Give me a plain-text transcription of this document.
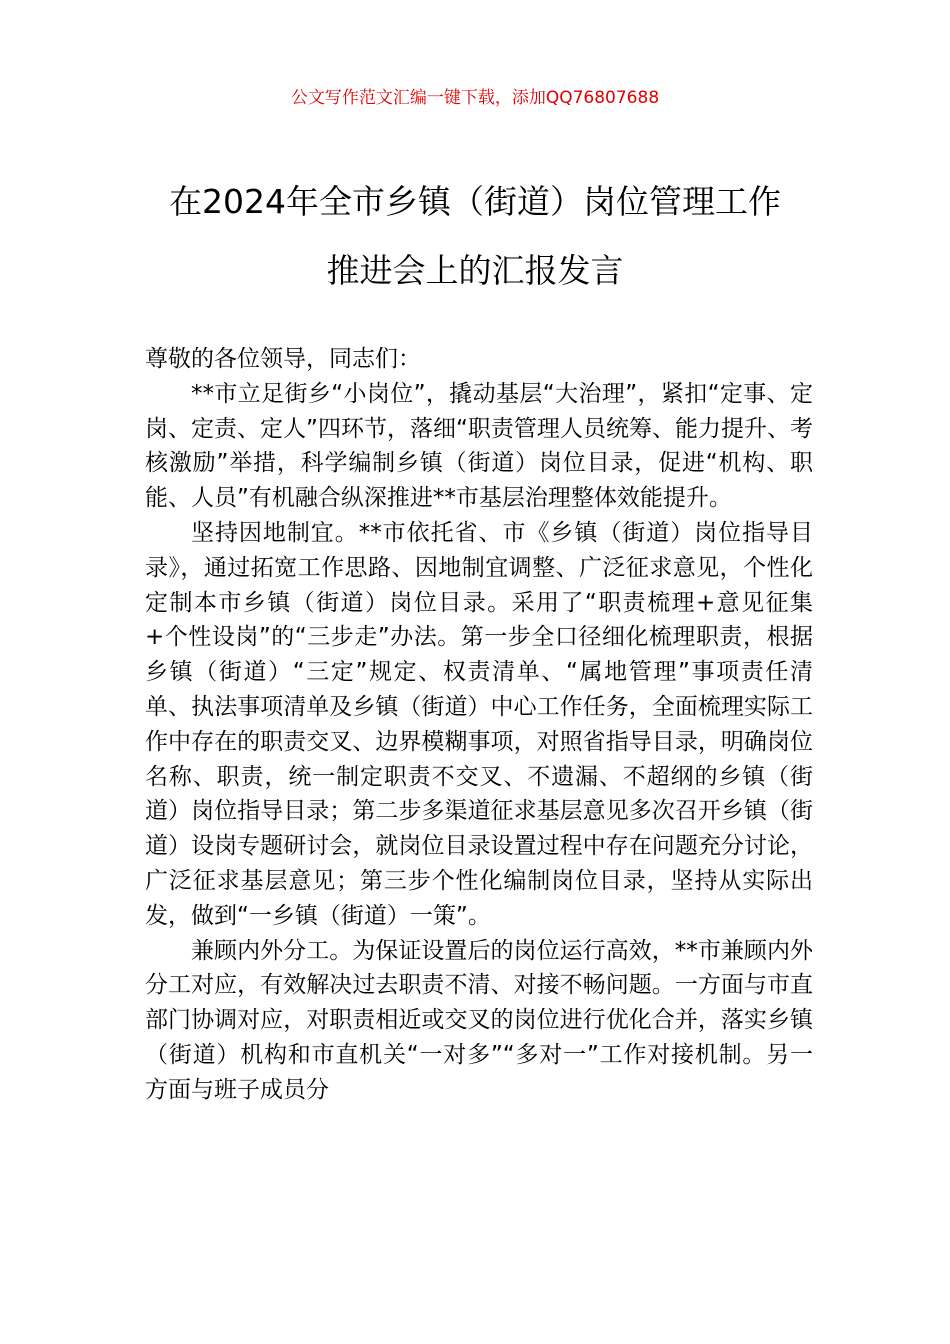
公文写作范文汇编一键下载，添加QQ76807688
在2024年全市乡镇（街道）岗位管理工作
推进会上的汇报发言

尊敬的各位领导，同志们：

**市立足街乡“小岗位”，撬动基层“大治理”，紧扣“定事、定岗、定责、定人”四环节，落细“职责管理人员统筹、能力提升、考核激励”举措，科学编制乡镇（街道）岗位目录，促进“机构、职能、人员”有机融合纵深推进**市基层治理整体效能提升。

坚持因地制宜。**市依托省、市《乡镇（街道）岗位指导目录》，通过拓宽工作思路、因地制宜调整、广泛征求意见，个性化定制本市乡镇（街道）岗位目录。采用了“职责梳理+意见征集+个性设岗”的“三步走”办法。第一步全口径细化梳理职责，根据乡镇（街道）“三定”规定、权责清单、“属地管理”事项责任清单、执法事项清单及乡镇（街道）中心工作任务，全面梳理实际工作中存在的职责交叉、边界模糊事项，对照省指导目录，明确岗位名称、职责，统一制定职责不交叉、不遗漏、不超纲的乡镇（街道）岗位指导目录；第二步多渠道征求基层意见多次召开乡镇（街道）设岗专题研讨会，就岗位目录设置过程中存在问题充分讨论，广泛征求基层意见；第三步个性化编制岗位目录，坚持从实际出发，做到“一乡镇（街道）一策”。

兼顾内外分工。为保证设置后的岗位运行高效，**市兼顾内外分工对应，有效解决过去职责不清、对接不畅问题。一方面与市直部门协调对应，对职责相近或交叉的岗位进行优化合并，落实乡镇（街道）机构和市直机关“一对多”“多对一”工作对接机制。另一方面与班子成员分
